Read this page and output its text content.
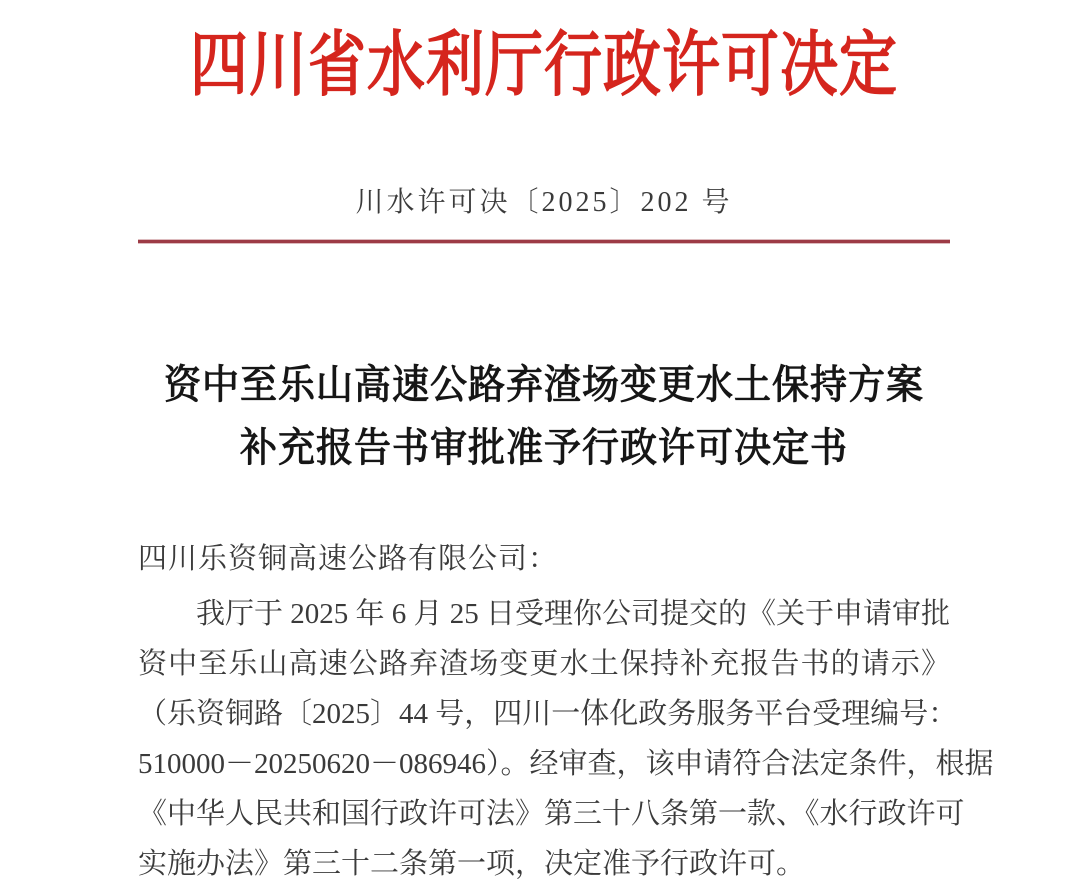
四川省水利厅行政许可决定
川水许可决〔2025〕202 号
资中至乐山高速公路弃渣场变更水土保持方案
补充报告书审批准予行政许可决定书
四川乐资铜高速公路有限公司：
我厅于 2025 年 6 月 25 日受理你公司提交的《关于申请审批
资中至乐山高速公路弃渣场变更水土保持补充报告书的请示》
（乐资铜路〔2025〕44 号，四川一体化政务服务平台受理编号：
510000－20250620－086946）。经审查，该申请符合法定条件，根据
《中华人民共和国行政许可法》第三十八条第一款、《水行政许可
实施办法》第三十二条第一项，决定准予行政许可。
